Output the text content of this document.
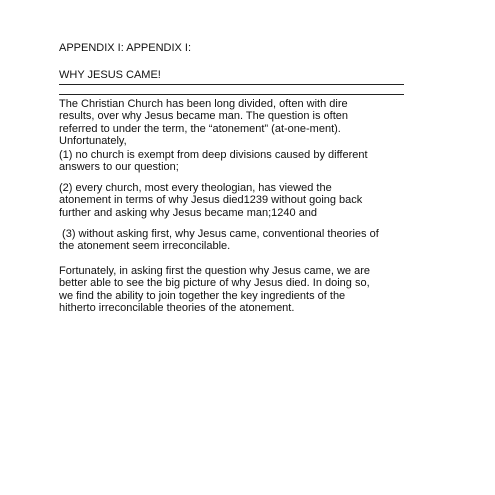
APPENDIX I: APPENDIX I:
WHY JESUS CAME!
The Christian Church has been long divided, often with dire
results, over why Jesus became man. The question is often
referred to under the term, the “atonement” (at-one-ment).
Unfortunately,
(1) no church is exempt from deep divisions caused by different
answers to our question;
(2) every church, most every theologian, has viewed the
atonement in terms of why Jesus died1239 without going back
further and asking why Jesus became man;1240 and
(3) without asking first, why Jesus came, conventional theories of
the atonement seem irreconcilable.
Fortunately, in asking first the question why Jesus came, we are
better able to see the big picture of why Jesus died. In doing so,
we find the ability to join together the key ingredients of the
hitherto irreconcilable theories of the atonement.
